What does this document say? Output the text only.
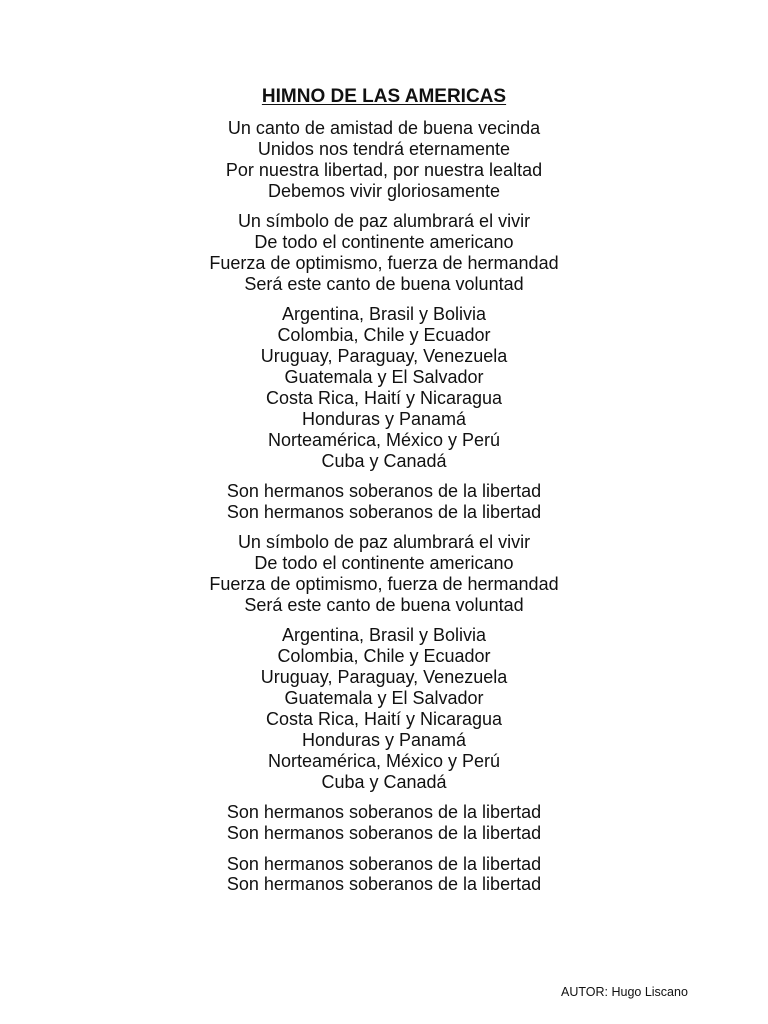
HIMNO DE LAS AMERICAS
Un canto de amistad de buena vecinda
Unidos nos tendrá eternamente
Por nuestra libertad, por nuestra lealtad
Debemos vivir gloriosamente
Un símbolo de paz alumbrará el vivir
De todo el continente americano
Fuerza de optimismo, fuerza de hermandad
Será este canto de buena voluntad
Argentina, Brasil y Bolivia
Colombia, Chile y Ecuador
Uruguay, Paraguay, Venezuela
Guatemala y El Salvador
Costa Rica, Haití y Nicaragua
Honduras y Panamá
Norteamérica, México y Perú
Cuba y Canadá
Son hermanos soberanos de la libertad
Son hermanos soberanos de la libertad
Un símbolo de paz alumbrará el vivir
De todo el continente americano
Fuerza de optimismo, fuerza de hermandad
Será este canto de buena voluntad
Argentina, Brasil y Bolivia
Colombia, Chile y Ecuador
Uruguay, Paraguay, Venezuela
Guatemala y El Salvador
Costa Rica, Haití y Nicaragua
Honduras y Panamá
Norteamérica, México y Perú
Cuba y Canadá
Son hermanos soberanos de la libertad
Son hermanos soberanos de la libertad
Son hermanos soberanos de la libertad
Son hermanos soberanos de la libertad
AUTOR: Hugo Liscano
